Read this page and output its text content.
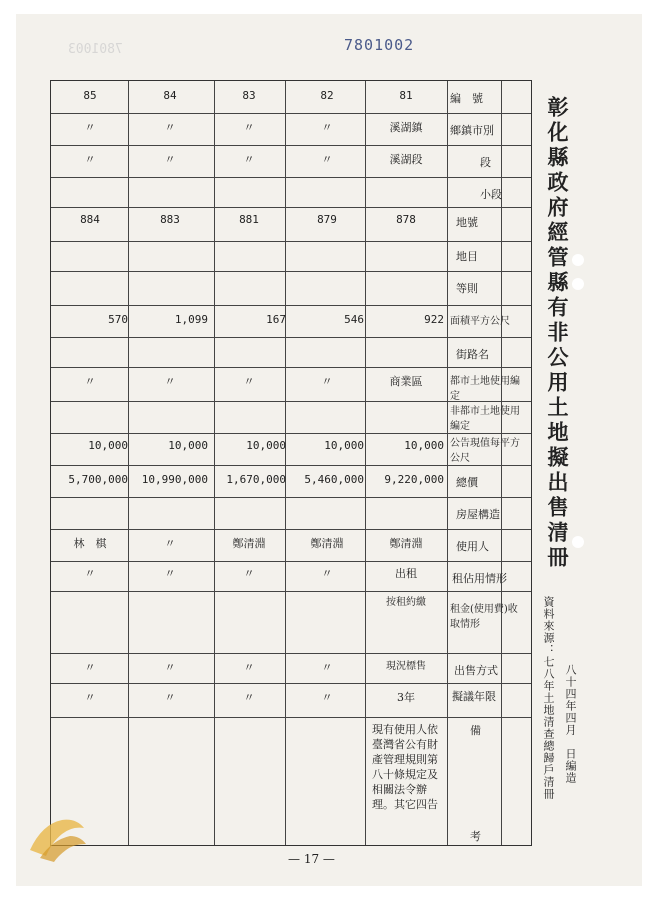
7801002
7801003
編　號
鄉鎮市別
段
小段
地號
地目
等則
面積平方公尺
街路名
都市土地使用編定
非都市土地使用編定
公告現值每平方公尺
總價
房屋構造
使用人
租佔用情形
租金(使用費)收取情形
出售方式
擬議年限
備
考
81
溪湖鎮
溪湖段
878
922
商業區
10,000
9,220,000
鄭清淵
出租
按租約繳
現況標售
3年
現有使用人依臺灣省公有財產管理規則第八十條規定及相關法令辦理。其它四告
82
〃
〃
879
546
〃
10,000
5,460,000
鄭清淵
〃
〃
〃
83
〃
〃
881
167
〃
10,000
1,670,000
鄭清淵
〃
〃
〃
84
〃
〃
883
1,099
〃
10,000
10,990,000
〃
〃
〃
〃
85
〃
〃
884
570
〃
10,000
5,700,000
林　棋
〃
〃
〃
彰化縣政府經管縣有非公用土地擬出售清冊
資料來源：七八年土地清查總歸戶清冊 八十四年四月　日編造
— 17 —
